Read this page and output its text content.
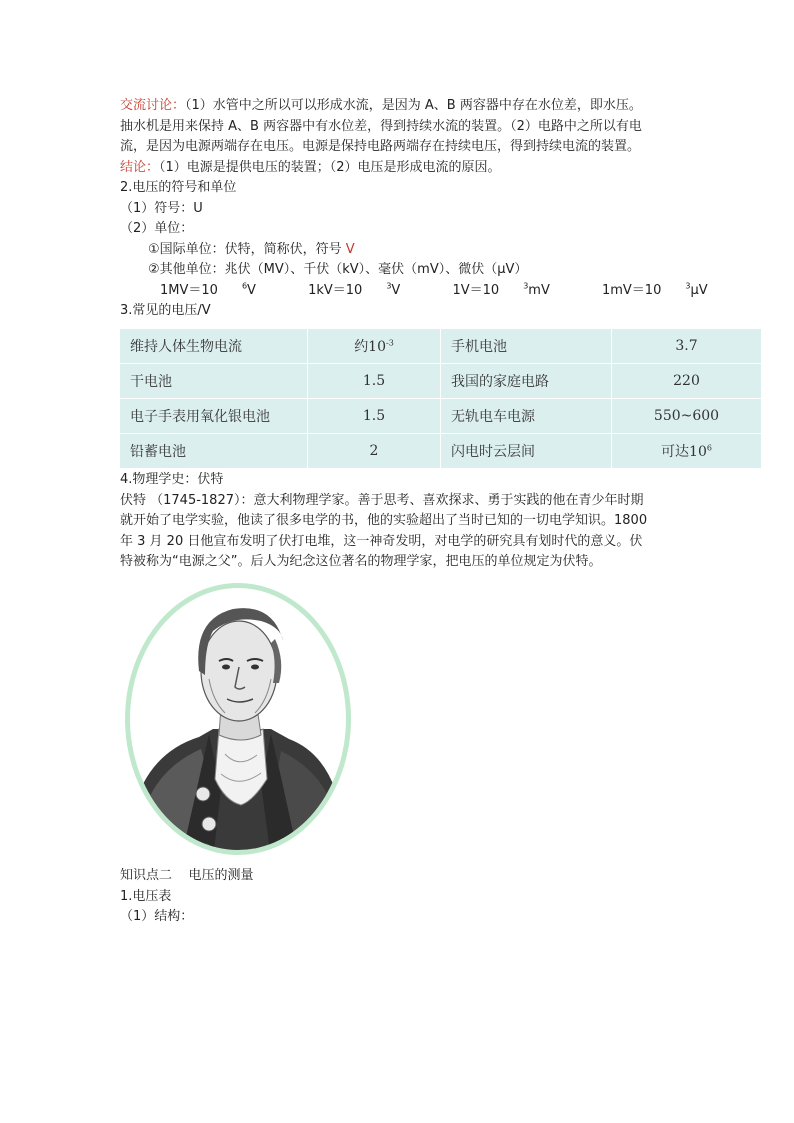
交流讨论：（1）水管中之所以可以形成水流，是因为 A、B 两容器中存在水位差，即水压。
抽水机是用来保持 A、B 两容器中有水位差，得到持续水流的装置。（2）电路中之所以有电
流，是因为电源两端存在电压。电源是保持电路两端存在持续电压，得到持续电流的装置。
结论：（1）电源是提供电压的装置；（2）电压是形成电流的原因。
2.电压的符号和单位
（1）符号：U
（2）单位：
①国际单位：伏特，简称伏，符号 V
②其他单位：兆伏（MV）、千伏（kV）、毫伏（mV）、微伏（μV）
1MV＝10	$^6$V	1kV＝10	$^3$V	1V＝10	$^3$mV	1mV＝10	$^3$μV
3.常见的电压/V
维持人体生物电流	约$10^{-3}$	手机电池	3.7
干电池	1.5	我国的家庭电路	220
电子手表用氧化银电池	1.5	无轨电车电源	550~600
铅蓄电池	2	闪电时云层间	可达$10^6$
4.物理学史：伏特
伏特 （1745-1827）：意大利物理学家。善于思考、喜欢探求、勇于实践的他在青少年时期
就开始了电学实验，他读了很多电学的书，他的实验超出了当时已知的一切电学知识。1800
年 3 月 20 日他宣布发明了伏打电堆，这一神奇发明，对电学的研究具有划时代的意义。伏
特被称为“电源之父”。后人为纪念这位著名的物理学家，把电压的单位规定为伏特。
知识点二    电压的测量
1.电压表
（1）结构：
